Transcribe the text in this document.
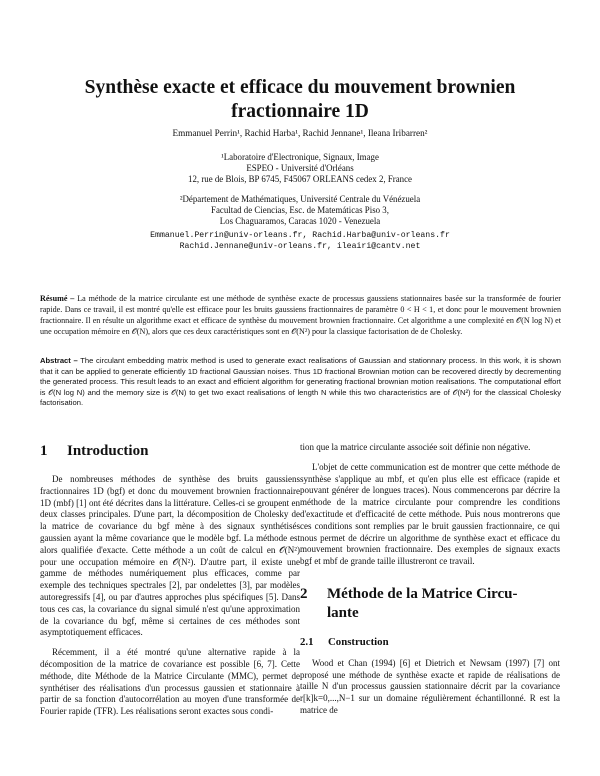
Synthèse exacte et efficace du mouvement brownien
fractionnaire 1D
Emmanuel Perrin¹, Rachid Harba¹, Rachid Jennane¹, Ileana Iribarren²
¹Laboratoire d'Electronique, Signaux, Image
ESPEO - Université d'Orléans
12, rue de Blois, BP 6745, F45067 ORLEANS cedex 2, France
²Département de Mathématiques, Université Centrale du Vénézuela
Facultad de Ciencias, Esc. de Matemáticas Piso 3,
Los Chaguaramos, Caracas 1020 - Venezuela
Emmanuel.Perrin@univ-orleans.fr, Rachid.Harba@univ-orleans.fr
Rachid.Jennane@univ-orleans.fr, ileairi@cantv.net
Résumé – La méthode de la matrice circulante est une méthode de synthèse exacte de processus gaussiens stationnaires basée sur la transformée de fourier rapide. Dans ce travail, il est montré qu'elle est efficace pour les bruits gaussiens fractionnaires de paramètre 0 < H < 1, et donc pour le mouvement brownien fractionnaire. Il en résulte un algorithme exact et efficace de synthèse du mouvement brownien fractionnaire. Cet algorithme a une complexité en 𝒪(N log N) et une occupation mémoire en 𝒪(N), alors que ces deux caractéristiques sont en 𝒪(N²) pour la classique factorisation de de Cholesky.
Abstract – The circulant embedding matrix method is used to generate exact realisations of Gaussian and stationnary process. In this work, it is shown that it can be applied to generate efficiently 1D fractional Gaussian noises. Thus 1D fractional Brownian motion can be recovered directly by decrementing the generated process. This result leads to an exact and efficient algorithm for generating fractional brownian motion realisations. The computational effort is 𝒪(N log N) and the memory size is 𝒪(N) to get two exact realisations of length N while this two characteristics are of 𝒪(N²) for the classical Cholesky factorisation.
1	Introduction

De nombreuses méthodes de synthèse des bruits gaussiens fractionnaires 1D (bgf) et donc du mouvement brownien fractionnaire 1D (mbf) [1] ont été décrites dans la littérature. Celles-ci se groupent en deux classes principales. D'une part, la décomposition de Cholesky de la matrice de covariance du bgf mène à des signaux synthétisés gaussien ayant la même covariance que le modèle bgf. La méthode est alors qualifiée d'exacte. Cette méthode a un coût de calcul en 𝒪(N²) pour une occupation mémoire en 𝒪(N²). D'autre part, il existe une gamme de méthodes numériquement plus efficaces, comme par exemple des techniques spectrales [2], par ondelettes [3], par modèles autoregressifs [4], ou par d'autres approches plus spécifiques [5]. Dans tous ces cas, la covariance du signal simulé n'est qu'une approximation de la covariance du bgf, même si certaines de ces méthodes sont asymptotiquement efficaces.

Récemment, il a été montré qu'une alternative rapide à la décomposition de la matrice de covariance est possible [6, 7]. Cette méthode, dite Méthode de la Matrice Circulante (MMC), permet de synthétiser des réalisations d'un processus gaussien et stationnaire à partir de sa fonction d'autocorrélation au moyen d'une transformée de Fourier rapide (TFR). Les réalisations seront exactes sous condi-

tion que la matrice circulante associée soit définie non négative.

L'objet de cette communication est de montrer que cette méthode de synthèse s'applique au mbf, et qu'en plus elle est efficace (rapide et pouvant générer de longues traces). Nous commencerons par décrire la méthode de la matrice circulante pour comprendre les conditions d'exactitude et d'efficacité de cette méthode. Puis nous montrerons que ces conditions sont remplies par le bruit gaussien fractionnaire, ce qui nous permet de décrire un algorithme de synthèse exact et efficace du mouvement brownien fractionnaire. Des exemples de signaux exacts bgf et mbf de grande taille illustreront ce travail.

2	Méthode de la Matrice Circu-
lante
2.1	Construction

Wood et Chan (1994) [6] et Dietrich et Newsam (1997) [7] ont proposé une méthode de synthèse exacte et rapide de réalisations de taille N d'un processus gaussien stationnaire décrit par la covariance r[k]k=0,...,N−1 sur un domaine régulièrement échantillonné. R est la matrice de
